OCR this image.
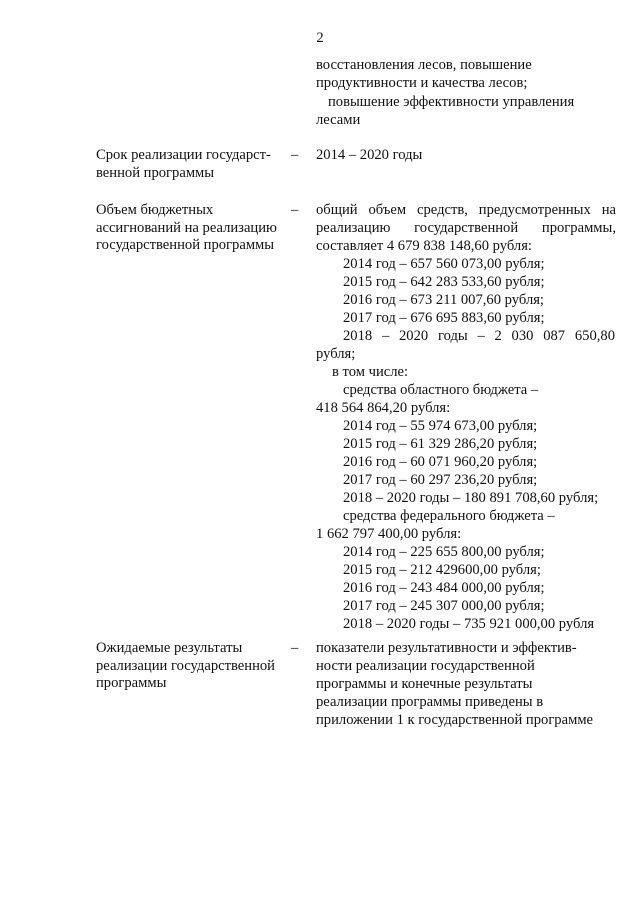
2
восстановления лесов, повышение
продуктивности и качества лесов;
повышение эффективности управления
лесами
Срок реализации государст-
венной программы
– 2014 – 2020 годы
Объем бюджетных
ассигнований на реализацию
государственной программы
– общий объем средств, предусмотренных на
реализацию государственной программы,
составляет 4 679 838 148,60 рубля:
2014 год – 657 560 073,00 рубля;
2015 год – 642 283 533,60 рубля;
2016 год – 673 211 007,60 рубля;
2017 год – 676 695 883,60 рубля;
2018 – 2020 годы – 2 030 087 650,80
рубля;
в том числе:
средства областного бюджета –
418 564 864,20 рубля:
2014 год – 55 974 673,00 рубля;
2015 год – 61 329 286,20 рубля;
2016 год – 60 071 960,20 рубля;
2017 год – 60 297 236,20 рубля;
2018 – 2020 годы – 180 891 708,60 рубля;
средства федерального бюджета –
1 662 797 400,00 рубля:
2014 год – 225 655 800,00 рубля;
2015 год – 212 429600,00 рубля;
2016 год – 243 484 000,00 рубля;
2017 год – 245 307 000,00 рубля;
2018 – 2020 годы – 735 921 000,00 рубля
Ожидаемые результаты
реализации государственной
программы
– показатели результативности и эффектив-
ности реализации государственной
программы и конечные результаты
реализации программы приведены в
приложении 1 к государственной программе
